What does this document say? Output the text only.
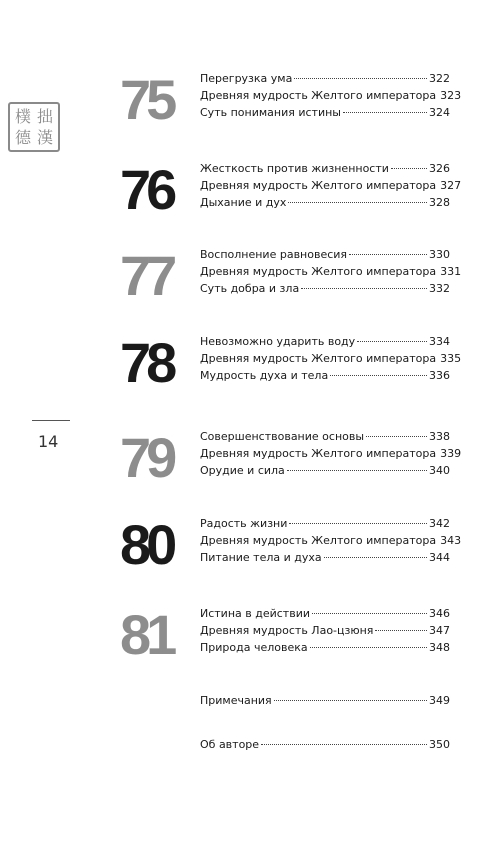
樸 拙
德 漢
14
75	Перегрузка ума	322
Древняя мудрость Желтого императора 323
Суть понимания истины	324
76	Жесткость против жизненности	326
Древняя мудрость Желтого императора 327
Дыхание и дух	328
77	Восполнение равновесия	330
Древняя мудрость Желтого императора 331
Суть добра и зла	332
78	Невозможно ударить воду	334
Древняя мудрость Желтого императора 335
Мудрость духа и тела	336
79	Совершенствование основы	338
Древняя мудрость Желтого императора 339
Орудие и сила	340
80	Радость жизни	342
Древняя мудрость Желтого императора 343
Питание тела и духа	344
81	Истина в действии	346
Древняя мудрость Лао-цзюня	347
Природа человека	348
Примечания	349
Об авторе	350
